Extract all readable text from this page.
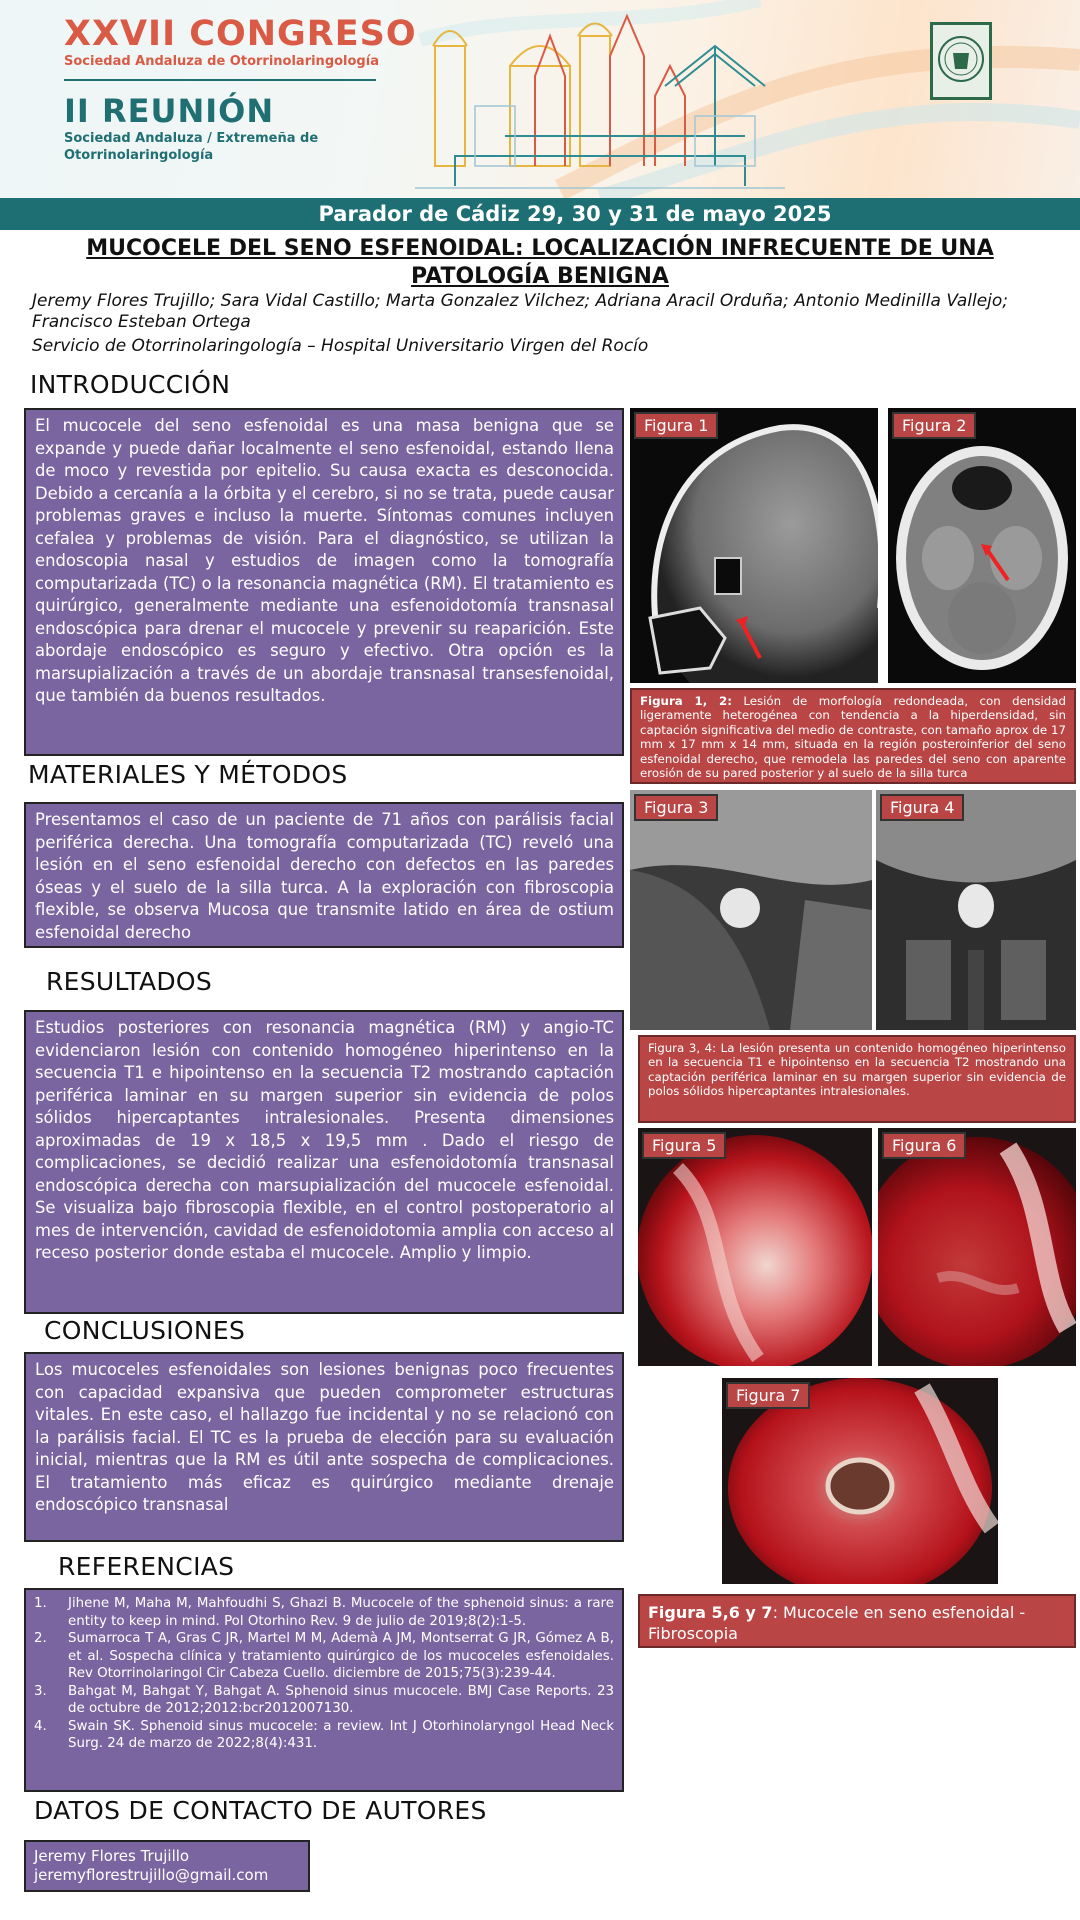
XXVII CONGRESO
Sociedad Andaluza de Otorrinolaringología
II REUNIÓN
Sociedad Andaluza / Extremeña de Otorrinolaringología
Parador de Cádiz 29, 30 y 31 de mayo 2025
MUCOCELE DEL SENO ESFENOIDAL: LOCALIZACIÓN INFRECUENTE DE UNA PATOLOGÍA BENIGNA
Jeremy Flores Trujillo; Sara Vidal Castillo; Marta Gonzalez Vilchez; Adriana Aracil Orduña; Antonio Medinilla Vallejo; Francisco Esteban Ortega
Servicio de Otorrinolaringología – Hospital Universitario Virgen del Rocío
INTRODUCCIÓN
El mucocele del seno esfenoidal es una masa benigna que se expande y puede dañar localmente el seno esfenoidal, estando llena de moco y revestida por epitelio. Su causa exacta es desconocida. Debido a cercanía a la órbita y el cerebro, si no se trata, puede causar problemas graves e incluso la muerte. Síntomas comunes incluyen cefalea y problemas de visión. Para el diagnóstico, se utilizan la endoscopia nasal y estudios de imagen como la tomografía computarizada (TC) o la resonancia magnética (RM). El tratamiento es quirúrgico, generalmente mediante una esfenoidotomía transnasal endoscópica para drenar el mucocele y prevenir su reaparición. Este abordaje endoscópico es seguro y efectivo. Otra opción es la marsupialización a través de un abordaje transnasal transesfenoidal, que también da buenos resultados.
MATERIALES Y MÉTODOS
Presentamos el caso de un paciente de 71 años con parálisis facial periférica derecha. Una tomografía computarizada (TC) reveló una lesión en el seno esfenoidal derecho con defectos en las paredes óseas y el suelo de la silla turca. A la exploración con fibroscopia flexible, se observa Mucosa que transmite latido en área de ostium esfenoidal derecho
RESULTADOS
Estudios posteriores con resonancia magnética (RM) y angio-TC evidenciaron lesión con contenido homogéneo hiperintenso en la secuencia T1 e hipointenso en la secuencia T2 mostrando captación periférica laminar en su margen superior sin evidencia de polos sólidos hipercaptantes intralesionales. Presenta dimensiones aproximadas de 19 x 18,5 x 19,5 mm . Dado el riesgo de complicaciones, se decidió realizar una esfenoidotomía transnasal endoscópica derecha con marsupialización del mucocele esfenoidal. Se visualiza bajo fibroscopia flexible, en el control postoperatorio al mes de intervención, cavidad de esfenoidotomia amplia con acceso al receso posterior donde estaba el mucocele. Amplio y limpio.
CONCLUSIONES
Los mucoceles esfenoidales son lesiones benignas poco frecuentes con capacidad expansiva que pueden comprometer estructuras vitales. En este caso, el hallazgo fue incidental y no se relacionó con la parálisis facial. El TC es la prueba de elección para su evaluación inicial, mientras que la RM es útil ante sospecha de complicaciones. El tratamiento más eficaz es quirúrgico mediante drenaje endoscópico transnasal
REFERENCIAS
1.	Jihene M, Maha M, Mahfoudhi S, Ghazi B. Mucocele of the sphenoid sinus: a rare entity to keep in mind. Pol Otorhino Rev. 9 de julio de 2019;8(2):1-5.
2.	Sumarroca T A, Gras C JR, Martel M M, Ademà A JM, Montserrat G JR, Gómez A B, et al. Sospecha clínica y tratamiento quirúrgico de los mucoceles esfenoidales. Rev Otorrinolaringol Cir Cabeza Cuello. diciembre de 2015;75(3):239-44.
3.	Bahgat M, Bahgat Y, Bahgat A. Sphenoid sinus mucocele. BMJ Case Reports. 23 de octubre de 2012;2012:bcr2012007130.
4.	Swain SK. Sphenoid sinus mucocele: a review. Int J Otorhinolaryngol Head Neck Surg. 24 de marzo de 2022;8(4):431.
DATOS DE CONTACTO DE AUTORES
Jeremy Flores Trujillo
jeremyflorestrujillo@gmail.com
Figura 1	Figura 2
Figura 1, 2: Lesión de morfología redondeada, con densidad ligeramente heterogénea con tendencia a la hiperdensidad, sin captación significativa del medio de contraste, con tamaño aprox de 17 mm x 17 mm x 14 mm, situada en la región posteroinferior del seno esfenoidal derecho, que remodela las paredes del seno con aparente erosión de su pared posterior y al suelo de la silla turca
Figura 3	Figura 4
Figura 3, 4: La lesión presenta un contenido homogéneo hiperintenso en la secuencia T1 e hipointenso en la secuencia T2 mostrando una captación periférica laminar en su margen superior sin evidencia de polos sólidos hipercaptantes intralesionales.
Figura 5	Figura 6
Figura 7
Figura 5,6 y 7: Mucocele en seno esfenoidal - Fibroscopia
